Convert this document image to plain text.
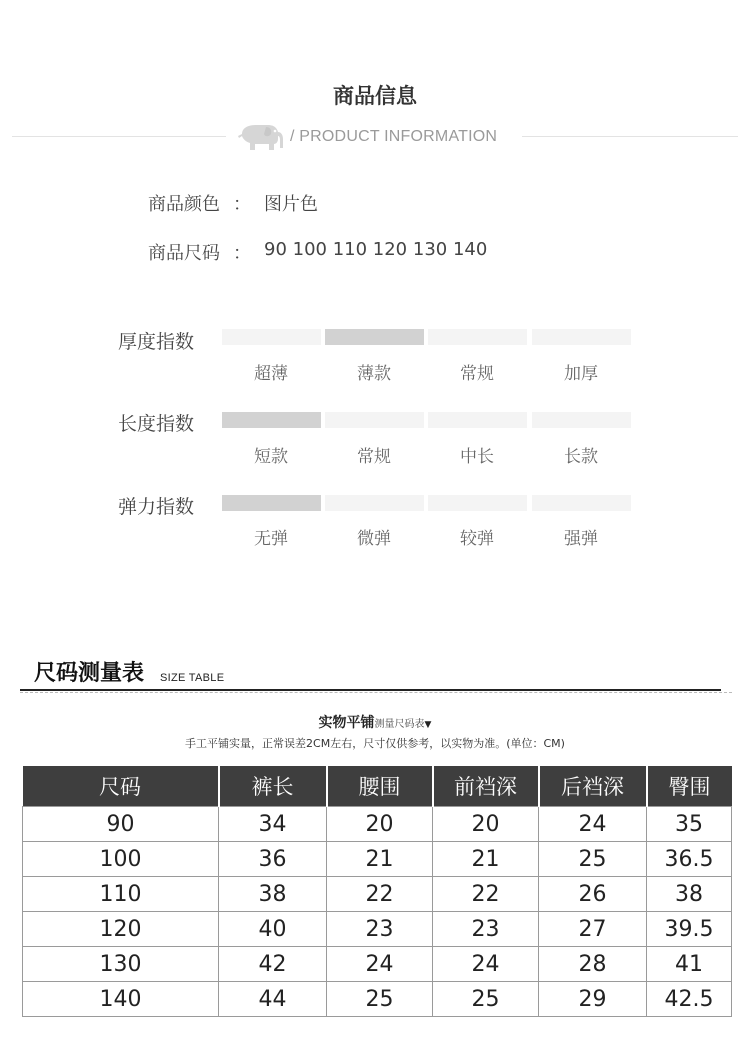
商品信息
/ PRODUCT INFORMATION
商品颜色 ： 图片色
商品尺码 ： 90 100 110 120 130 140
厚度指数
超薄	薄款	常规	加厚
长度指数
短款	常规	中长	长款
弹力指数
无弹	微弹	较弹	强弹
尺码测量表 SIZE TABLE
实物平铺测量尺码表▼
手工平铺实量，正常误差2CM左右，尺寸仅供参考，以实物为准。(单位：CM)
尺码	裤长	腰围	前裆深	后裆深	臀围
90	34	20	20	24	35
100	36	21	21	25	36.5
110	38	22	22	26	38
120	40	23	23	27	39.5
130	42	24	24	28	41
140	44	25	25	29	42.5
